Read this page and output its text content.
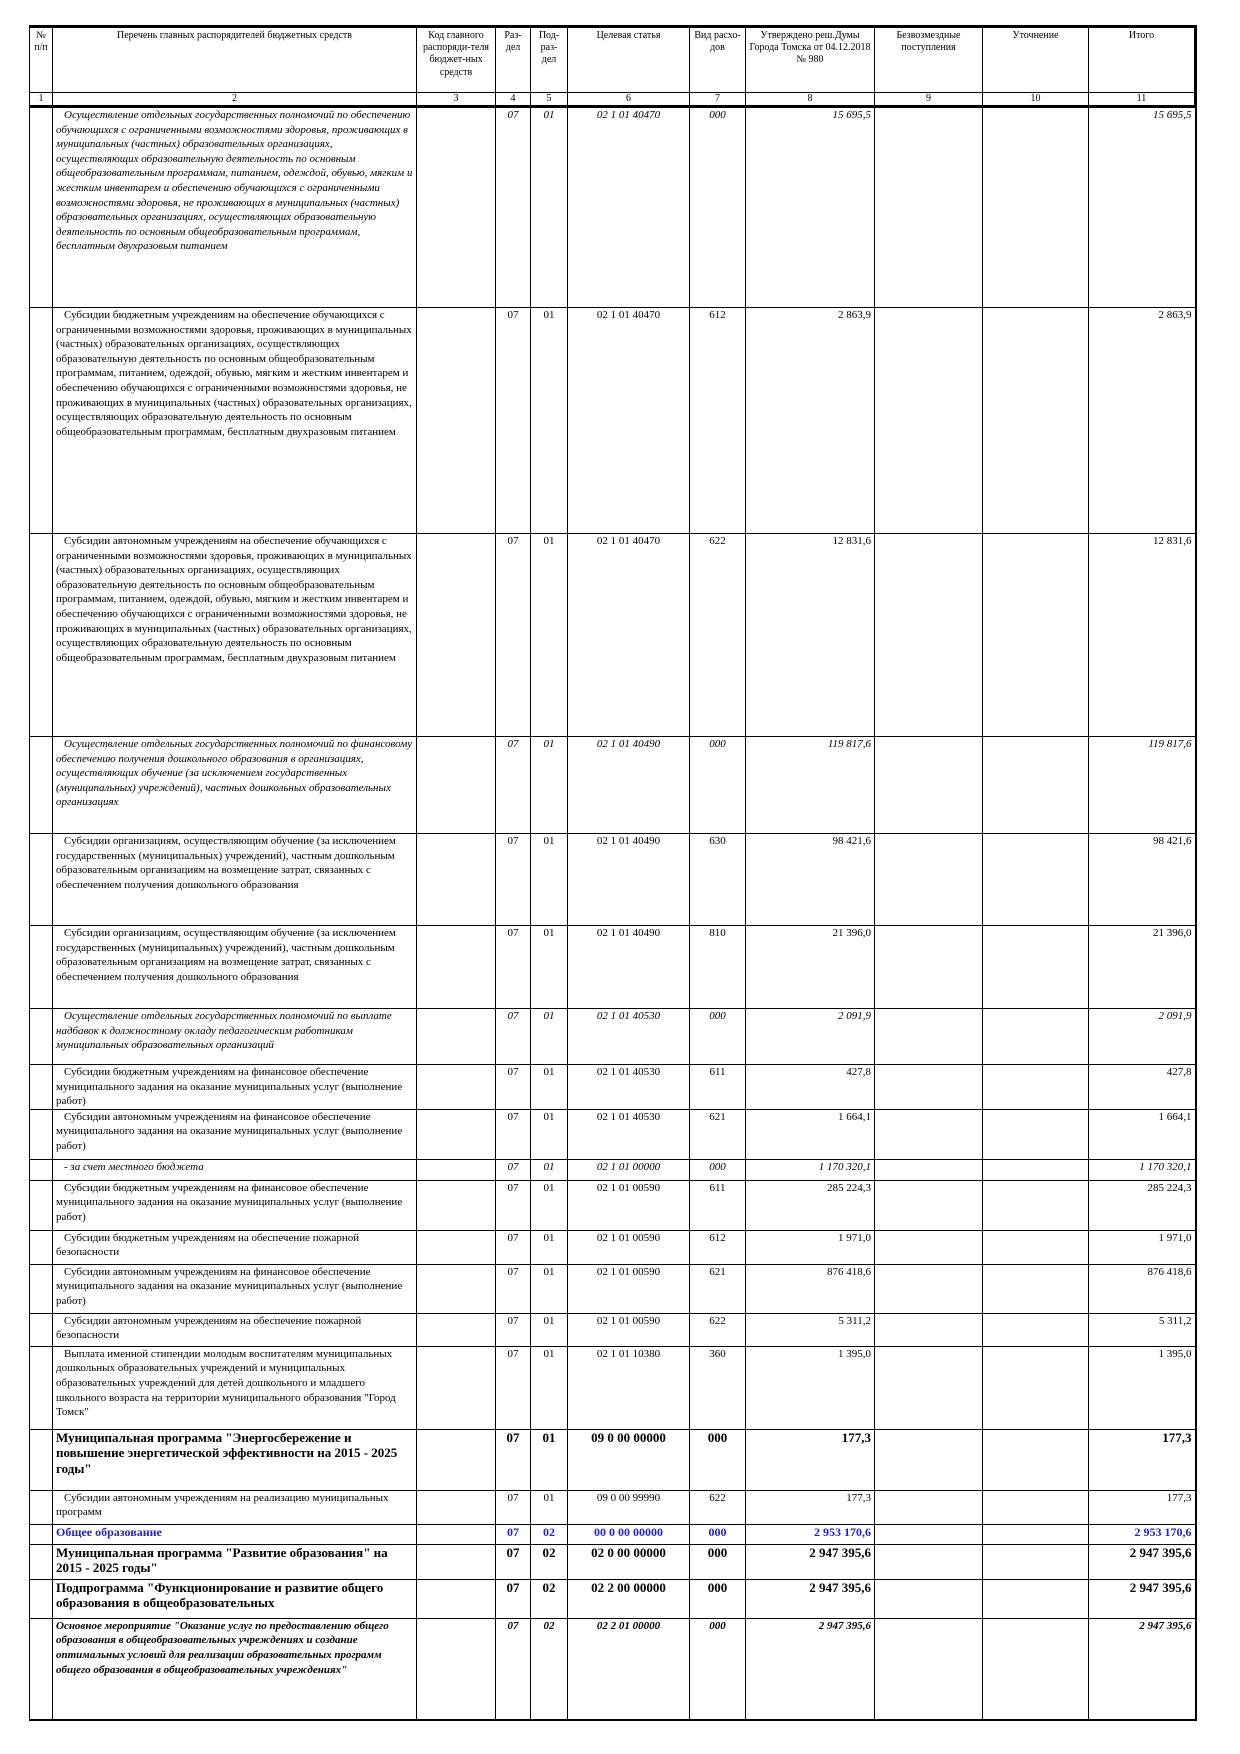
№ п/п	Перечень главных распорядителей бюджетных средств	Код главного распоряди-теля бюджет-ных средств	Раз-дел	Под-раз-дел	Целевая статья	Вид расхо-дов	Утверждено реш.Думы Города Томска от 04.12.2018 № 980	Безвозмездные поступления	Уточнение	Итого
1	2	3	4	5	6	7	8	9	10	11

	Осуществление отдельных государственных полномочий по обеспечению обучающихся с ограниченными возможностями здоровья, проживающих в муниципальных (частных) образовательных организациях, осуществляющих образовательную деятельность по основным общеобразовательным программам, питанием, одеждой, обувью, мягким и жестким инвентарем и обеспечению обучающихся с ограниченными возможностями здоровья, не проживающих в муниципальных (частных) образовательных организациях, осуществляющих образовательную деятельность по основным общеобразовательным программам, бесплатным двухразовым питанием		07	01	02 1 01 40470	000	15 695,5			15 695,5

	Субсидии бюджетным учреждениям на обеспечение обучающихся с ограниченными возможностями здоровья, проживающих в муниципальных (частных) образовательных организациях, осуществляющих образовательную деятельность по основным общеобразовательным программам, питанием, одеждой, обувью, мягким и жестким инвентарем и обеспечению обучающихся с ограниченными возможностями здоровья, не проживающих в муниципальных (частных) образовательных организациях, осуществляющих образовательную деятельность по основным общеобразовательным программам, бесплатным двухразовым питанием		07	01	02 1 01 40470	612	2 863,9			2 863,9

	Субсидии автономным учреждениям на обеспечение обучающихся с ограниченными возможностями здоровья, проживающих в муниципальных (частных) образовательных организациях, осуществляющих образовательную деятельность по основным общеобразовательным программам, питанием, одеждой, обувью, мягким и жестким инвентарем и обеспечению обучающихся с ограниченными возможностями здоровья, не проживающих в муниципальных (частных) образовательных организациях, осуществляющих образовательную деятельность по основным общеобразовательным программам, бесплатным двухразовым питанием		07	01	02 1 01 40470	622	12 831,6			12 831,6

	Осуществление отдельных государственных полномочий по финансовому обеспечению получения дошкольного образования в организациях, осуществляющих обучение (за исключением государственных (муниципальных) учреждений), частных дошкольных образовательных организациях		07	01	02 1 01 40490	000	119 817,6			119 817,6

	Субсидии организациям, осуществляющим обучение (за исключением государственных (муниципальных) учреждений), частным дошкольным образовательным организациям на возмещение затрат, связанных с обеспечением получения дошкольного образования		07	01	02 1 01 40490	630	98 421,6			98 421,6

	Субсидии организациям, осуществляющим обучение (за исключением государственных (муниципальных) учреждений), частным дошкольным образовательным организациям на возмещение затрат, связанных с обеспечением получения дошкольного образования		07	01	02 1 01 40490	810	21 396,0			21 396,0

	Осуществление отдельных государственных полномочий по выплате надбавок к должностному окладу педагогическим работникам муниципальных образовательных организаций		07	01	02 1 01 40530	000	2 091,9			2 091,9

	Субсидии бюджетным учреждениям на финансовое обеспечение муниципального задания на оказание муниципальных услуг (выполнение работ)		07	01	02 1 01 40530	611	427,8			427,8

	Субсидии автономным учреждениям на финансовое обеспечение муниципального задания на оказание муниципальных услуг (выполнение работ)		07	01	02 1 01 40530	621	1 664,1			1 664,1

	- за счет местного бюджета		07	01	02 1 01 00000	000	1 170 320,1			1 170 320,1

	Субсидии бюджетным учреждениям на финансовое обеспечение муниципального задания на оказание муниципальных услуг (выполнение работ)		07	01	02 1 01 00590	611	285 224,3			285 224,3

	Субсидии бюджетным учреждениям на обеспечение пожарной безопасности		07	01	02 1 01 00590	612	1 971,0			1 971,0

	Субсидии автономным учреждениям на финансовое обеспечение муниципального задания на оказание муниципальных услуг (выполнение работ)		07	01	02 1 01 00590	621	876 418,6			876 418,6

	Субсидии автономным учреждениям на обеспечение пожарной безопасности		07	01	02 1 01 00590	622	5 311,2			5 311,2

	Выплата именной стипендии молодым воспитателям муниципальных дошкольных образовательных учреждений и муниципальных образовательных учреждений для детей дошкольного и младшего школьного возраста на территории муниципального образования "Город Томск"		07	01	02 1 01 10380	360	1 395,0			1 395,0
	Муниципальная программа "Энергосбережение и повышение энергетической эффективности на 2015 - 2025 годы"		07	01	09 0 00 00000	000	177,3			177,3

	Субсидии автономным учреждениям на реализацию муниципальных программ		07	01	09 0 00 99990	622	177,3			177,3
	Общее образование		07	02	00 0 00 00000	000	2 953 170,6			2 953 170,6
	Муниципальная программа "Развитие образования" на 2015 - 2025 годы"		07	02	02 0 00 00000	000	2 947 395,6			2 947 395,6
	Подпрограмма "Функционирование и развитие общего образования в общеобразовательных		07	02	02 2 00 00000	000	2 947 395,6			2 947 395,6
	Основное мероприятие "Оказание услуг по предоставлению общего образования в общеобразовательных учреждениях и создание оптимальных условий для реализации образовательных программ общего образования в общеобразовательных учреждениях"		07	02	02 2 01 00000	000	2 947 395,6			2 947 395,6
